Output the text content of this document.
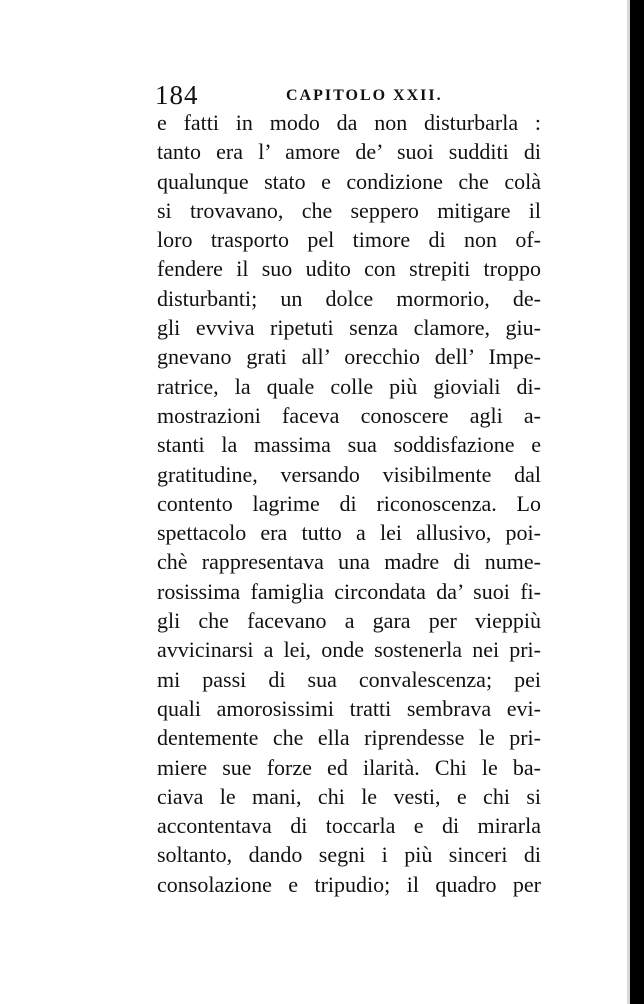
184	CAPITOLO XXII.
e fatti in modo da non disturbarla :
tanto era l’ amore de’ suoi sudditi di
qualunque stato e condizione che colà
si trovavano, che seppero mitigare il
loro trasporto pel timore di non of-
fendere il suo udito con strepiti troppo
disturbanti; un dolce mormorio, de-
gli evviva ripetuti senza clamore, giu-
gnevano grati all’ orecchio dell’ Impe-
ratrice, la quale colle più gioviali di-
mostrazioni faceva conoscere agli a-
stanti la massima sua soddisfazione e
gratitudine, versando visibilmente dal
contento lagrime di riconoscenza. Lo
spettacolo era tutto a lei allusivo, poi-
chè rappresentava una madre di nume-
rosissima famiglia circondata da’ suoi fi-
gli che facevano a gara per vieppiù
avvicinarsi a lei, onde sostenerla nei pri-
mi passi di sua convalescenza; pei
quali amorosissimi tratti sembrava evi-
dentemente che ella riprendesse le pri-
miere sue forze ed ilarità. Chi le ba-
ciava le mani, chi le vesti, e chi si
accontentava di toccarla e di mirarla
soltanto, dando segni i più sinceri di
consolazione e tripudio; il quadro per
